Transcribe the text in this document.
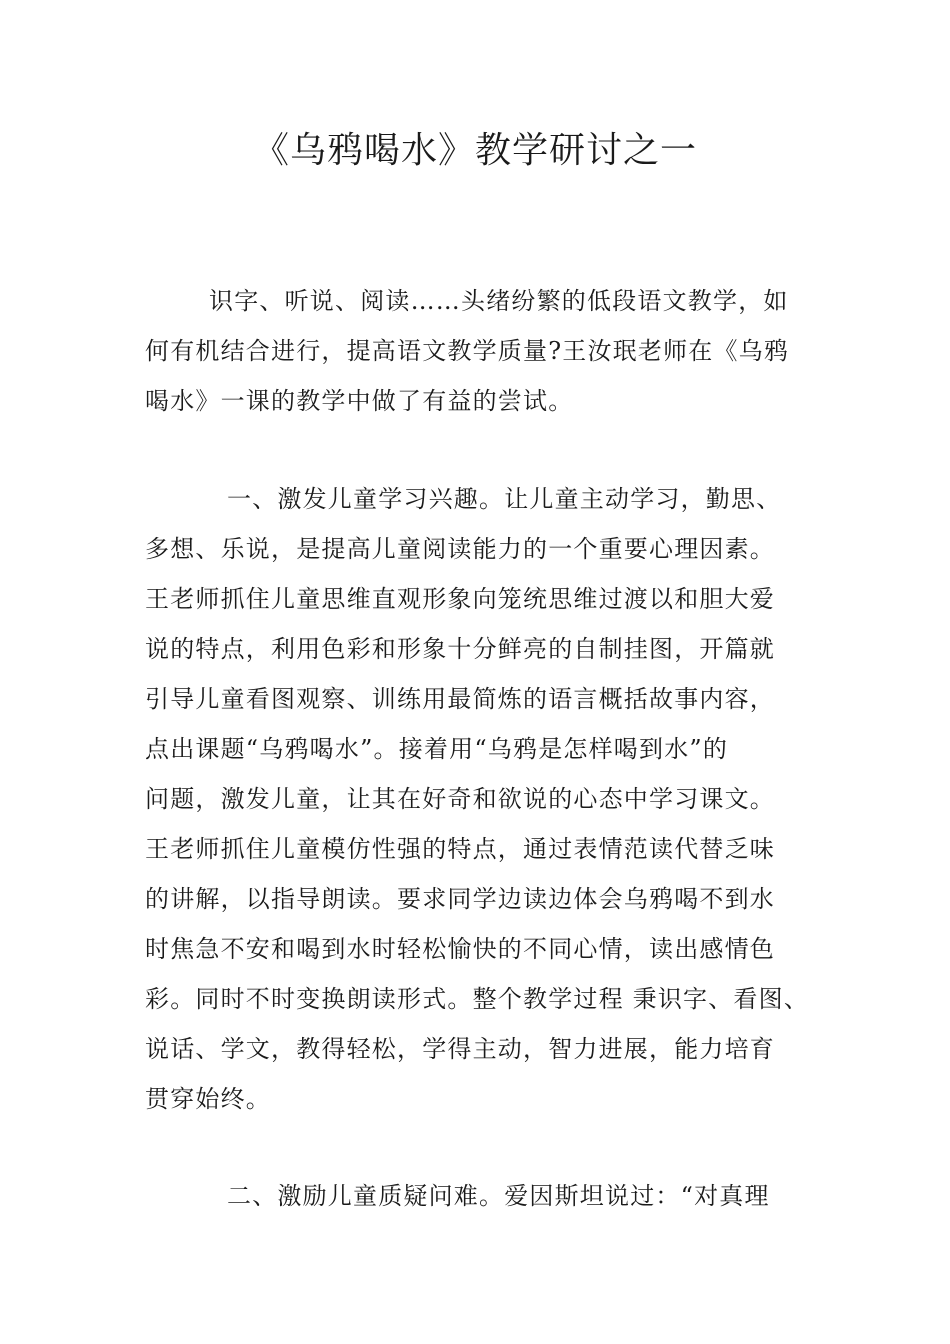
《乌鸦喝水》教学研讨之一

识字、听说、阅读……头绪纷繁的低段语文教学，如
何有机结合进行，提高语文教学质量?王汝珉老师在《乌鸦
喝水》一课的教学中做了有益的尝试。

一、激发儿童学习兴趣。让儿童主动学习，勤思、
多想、乐说，是提高儿童阅读能力的一个重要心理因素。
王老师抓住儿童思维直观形象向笼统思维过渡以和胆大爱
说的特点，利用色彩和形象十分鲜亮的自制挂图，开篇就
引导儿童看图观察、训练用最简炼的语言概括故事内容，
点出课题“乌鸦喝水”。接着用“乌鸦是怎样喝到水”的
问题，激发儿童，让其在好奇和欲说的心态中学习课文。
王老师抓住儿童模仿性强的特点，通过表情范读代替乏味
的讲解，以指导朗读。要求同学边读边体会乌鸦喝不到水
时焦急不安和喝到水时轻松愉快的不同心情，读出感情色
彩。同时不时变换朗读形式。整个教学过程 秉识字、看图、
说话、学文，教得轻松，学得主动，智力进展，能力培育
贯穿始终。

二、激励儿童质疑问难。爱因斯坦说过：“对真理
